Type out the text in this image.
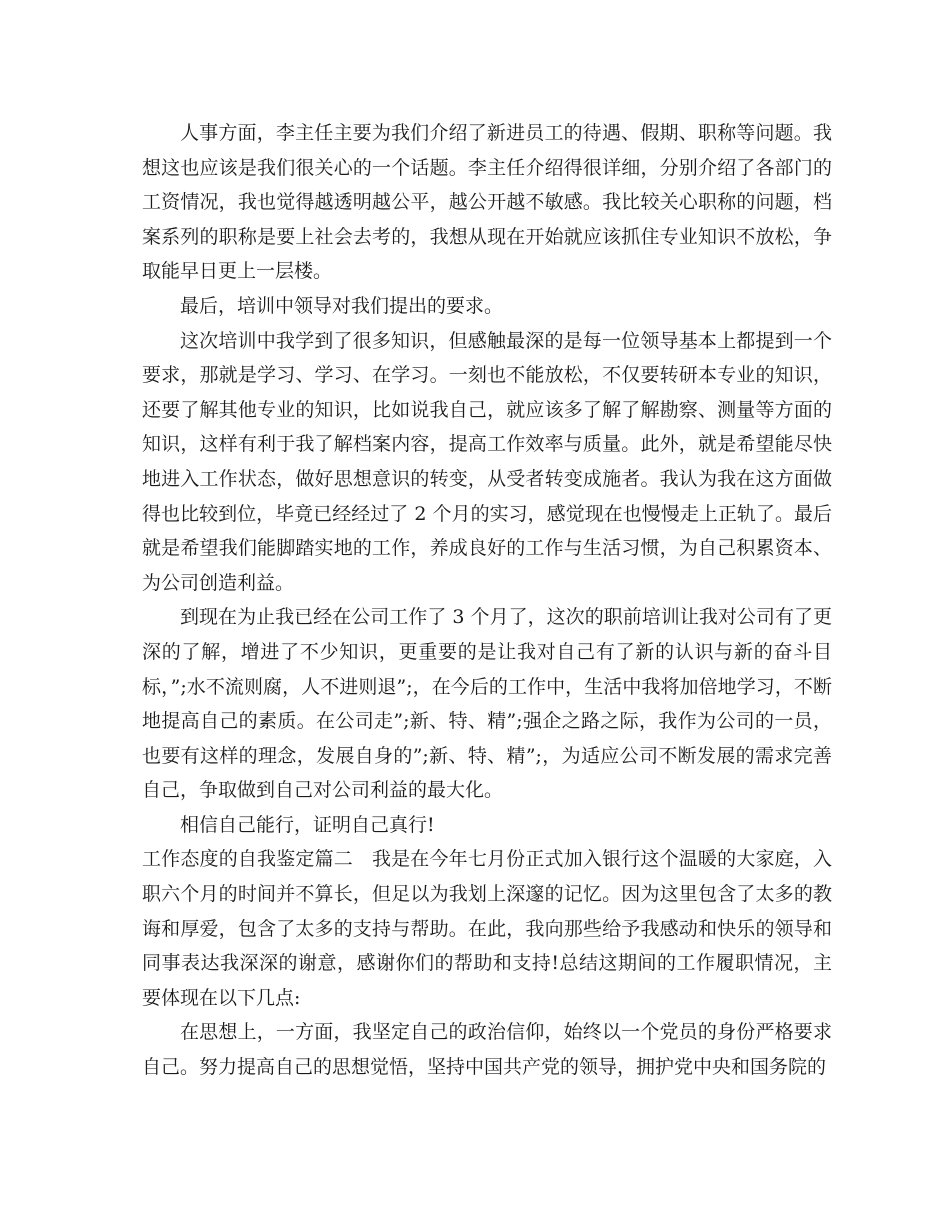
人事方面，李主任主要为我们介绍了新进员工的待遇、假期、职称等问题。我想这也应该是我们很关心的一个话题。李主任介绍得很详细，分别介绍了各部门的工资情况，我也觉得越透明越公平，越公开越不敏感。我比较关心职称的问题，档案系列的职称是要上社会去考的，我想从现在开始就应该抓住专业知识不放松，争取能早日更上一层楼。

最后，培训中领导对我们提出的要求。

这次培训中我学到了很多知识，但感触最深的是每一位领导基本上都提到一个要求，那就是学习、学习、在学习。一刻也不能放松，不仅要转研本专业的知识，还要了解其他专业的知识，比如说我自己，就应该多了解了解勘察、测量等方面的知识，这样有利于我了解档案内容，提高工作效率与质量。此外，就是希望能尽快地进入工作状态，做好思想意识的转变，从受者转变成施者。我认为我在这方面做得也比较到位，毕竟已经经过了 2 个月的实习，感觉现在也慢慢走上正轨了。最后就是希望我们能脚踏实地的工作，养成良好的工作与生活习惯，为自己积累资本、为公司创造利益。

到现在为止我已经在公司工作了 3 个月了，这次的职前培训让我对公司有了更深的了解，增进了不少知识，更重要的是让我对自己有了新的认识与新的奋斗目标，”;水不流则腐，人不进则退”;，在今后的工作中，生活中我将加倍地学习，不断地提高自己的素质。在公司走”;新、特、精”;强企之路之际，我作为公司的一员，也要有这样的理念，发展自身的”;新、特、精”;，为适应公司不断发展的需求完善自己，争取做到自己对公司利益的最大化。

相信自己能行，证明自己真行!

工作态度的自我鉴定篇二 我是在今年七月份正式加入银行这个温暖的大家庭，入职六个月的时间并不算长，但足以为我划上深邃的记忆。因为这里包含了太多的教诲和厚爱，包含了太多的支持与帮助。在此，我向那些给予我感动和快乐的领导和同事表达我深深的谢意，感谢你们的帮助和支持!总结这期间的工作履职情况，主要体现在以下几点:

在思想上，一方面，我坚定自己的政治信仰，始终以一个党员的身份严格要求自己。努力提高自己的思想觉悟，坚持中国共产党的领导，拥护党中央和国务院的
